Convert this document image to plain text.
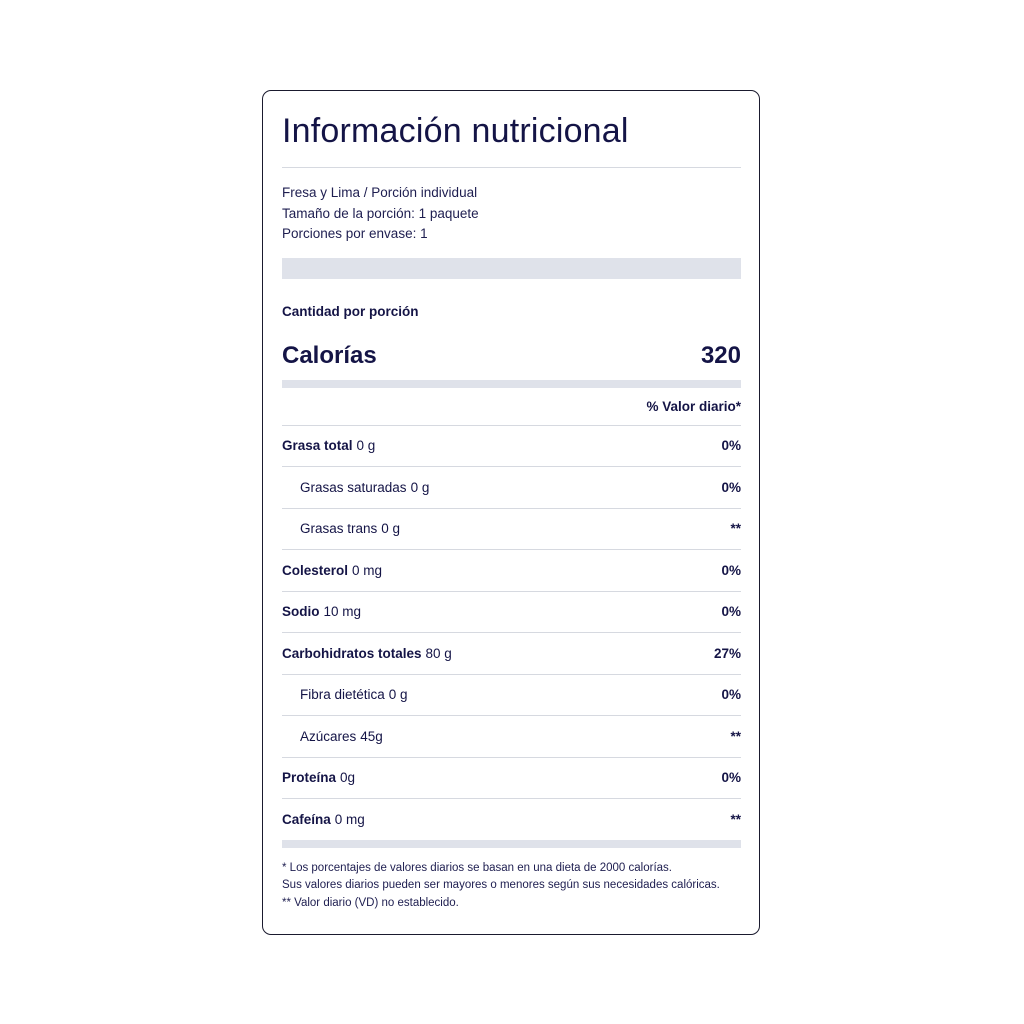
Información nutricional
Fresa y Lima / Porción individual
Tamaño de la porción: 1 paquete
Porciones por envase: 1
Cantidad por porción
Calorías	320
% Valor diario*
Grasa total 0 g	0%
Grasas saturadas 0 g	0%
Grasas trans 0 g	**
Colesterol 0 mg	0%
Sodio 10 mg	0%
Carbohidratos totales 80 g	27%
Fibra dietética 0 g	0%
Azúcares 45g	**
Proteína 0g	0%
Cafeína 0 mg	**

* Los porcentajes de valores diarios se basan en una dieta de 2000 calorías.

Sus valores diarios pueden ser mayores o menores según sus necesidades calóricas.

** Valor diario (VD) no establecido.
